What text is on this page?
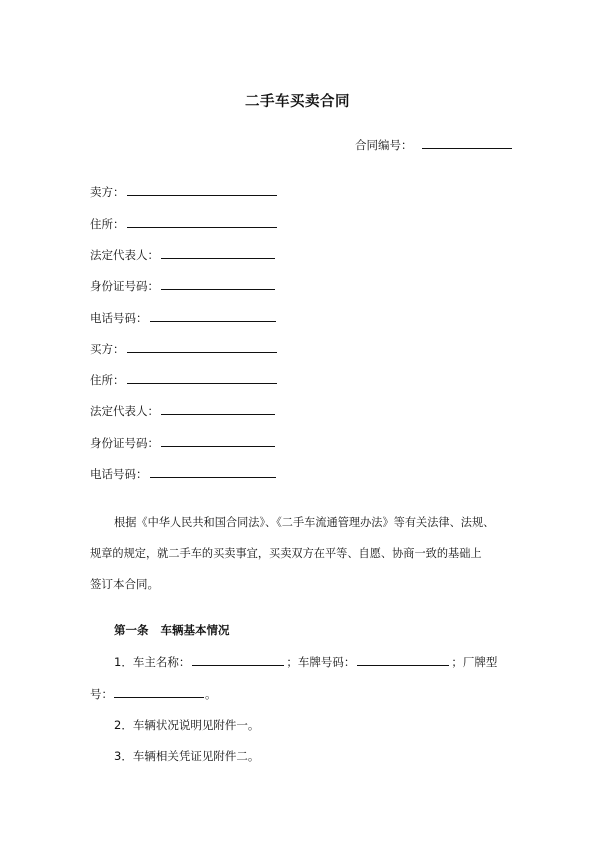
二手车买卖合同
合同编号：
卖方：
住所：
法定代表人：
身份证号码：
电话号码：
买方：
住所：
法定代表人：
身份证号码：
电话号码：
根据《中华人民共和国合同法》、《二手车流通管理办法》等有关法律、法规、
规章的规定，就二手车的买卖事宜，买卖双方在平等、自愿、协商一致的基础上
签订本合同。
第一条 车辆基本情况
1．车主名称：	；车牌号码：	；厂牌型
号：	。
2．车辆状况说明见附件一。
3．车辆相关凭证见附件二。
